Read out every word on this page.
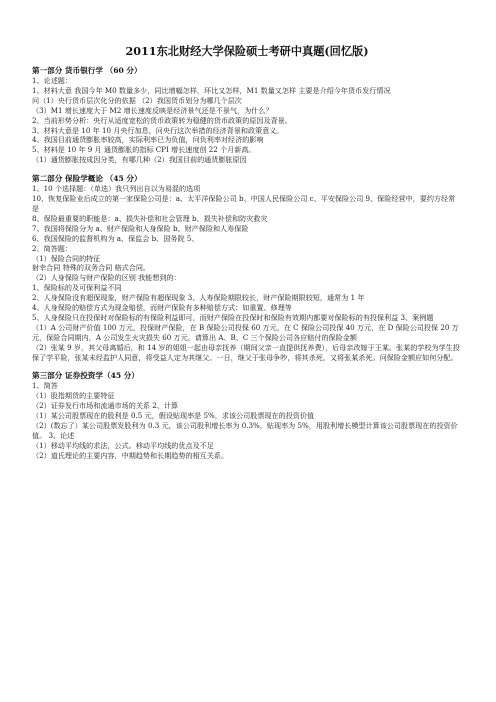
2011东北财经大学保险硕士考研中真题(回忆版)
第一部分 货币银行学 （60 分）
1、论述题：
1、材料大意 我国今年 M0 数量多少，同比增幅怎样，环比又怎样，M1 数量又怎样 主要是介绍今年货币发行情况
问（1）央行货币层次化分的依据 （2）我国货币划分为哪几个层次
（3）M1 增长速度大于 M2 增长速度反映是经济景气还是不景气，为什么？
2、当前形势分析：央行从适度宽松的货币政策转为稳健的货币政策的原因及背景。
3、材料大意是 10 年 10 月央行加息，问央行这次举措的经济背景和政策意义。
4、我国目前通货膨胀率较高，实际利率已为负值，问负利率对经济的影响
5、材料是 10 年 9 月 通货膨胀的指标 CPI 增长速度创 22 个月新高。
（1）通货膨胀按成因分类，有哪几种（2）我国目前的通货膨胀原因
第二部分 保险学概论 （45 分）
1、10 个选择题：（单选）我只列出自以为易混的选项
10、恢复保险业后成立的第一家保险公司是：a、太平洋保险公司 b、中国人民保险公司 c、平安保险公司 9、保险经营中，要约方经常是
8、保险最重要的职能是：a、损失补偿和社会管理 b、损失补偿和防灾救灾
7、我国将保险分为 a、财产保险和人身保险 b、财产保险和人寿保险
6、我国保险的监督机构为 a、保监会 b、国务院 5、
2、简答题：
（1）保险合同的特征
射幸合同 特殊的双务合同 格式合同。
（2）人身保险与财产保险的区别 我能想到的：
1、保险标的及可保利益不同
2、人身保险没有超保现象，财产保险有超保现象 3、人寿保险期限较长，财产保险期限较短，通常为 1 年
4、人身保险的赔偿方式为现金赔偿，而财产保险有多种赔偿方式：如重置、修理等
5、人身保险只在投保时对保险标的有保险利益即可，而财产保险在投保时和保险有效期内都要对保险标的有投保利益 3、案例题
（1）A 公司财产价值 100 万元，投保财产保险，在 B 保险公司投保 60 万元，在 C 保险公司投保 40 万元，在 D 保险公司投保 20 万元，保险合同期内，A 公司发生火灾损失 60 万元，请算出 A、B、C 三个保险公司各应赔付的保险金额
（2）张某 9 岁，其父母离婚后，和 14 岁的姐姐一起由母亲抚养（期间父亲一直提供抚养费），后母亲改嫁于王某。张某的学校为学生投保了学平险，张某未经监护人同意，将受益人定为其继父。一日，继父于张母争吵，将其杀死，又将张某杀死。问保险金额应如何分配。
第三部分 证券投资学（45 分）
1、简答
（1）股指期货的主要特征
（2）证券发行市场和流通市场的关系 2、计算
（1）某公司股票现在的股利是 0.5 元，假设贴现率是 5%，求该公司股票现在的投资价值
（2）(数忘了）某公司股票发股利为 0.3 元，该公司股利增长率为 0.3%，贴现率为 5%，用股利增长模型计算该公司股票现在的投资价值。 3、论述
（1）移动平均线的求法，公式。移动平均线的优点及不足
（2）道氏理论的主要内容，中期趋势和长期趋势的相互关系。
